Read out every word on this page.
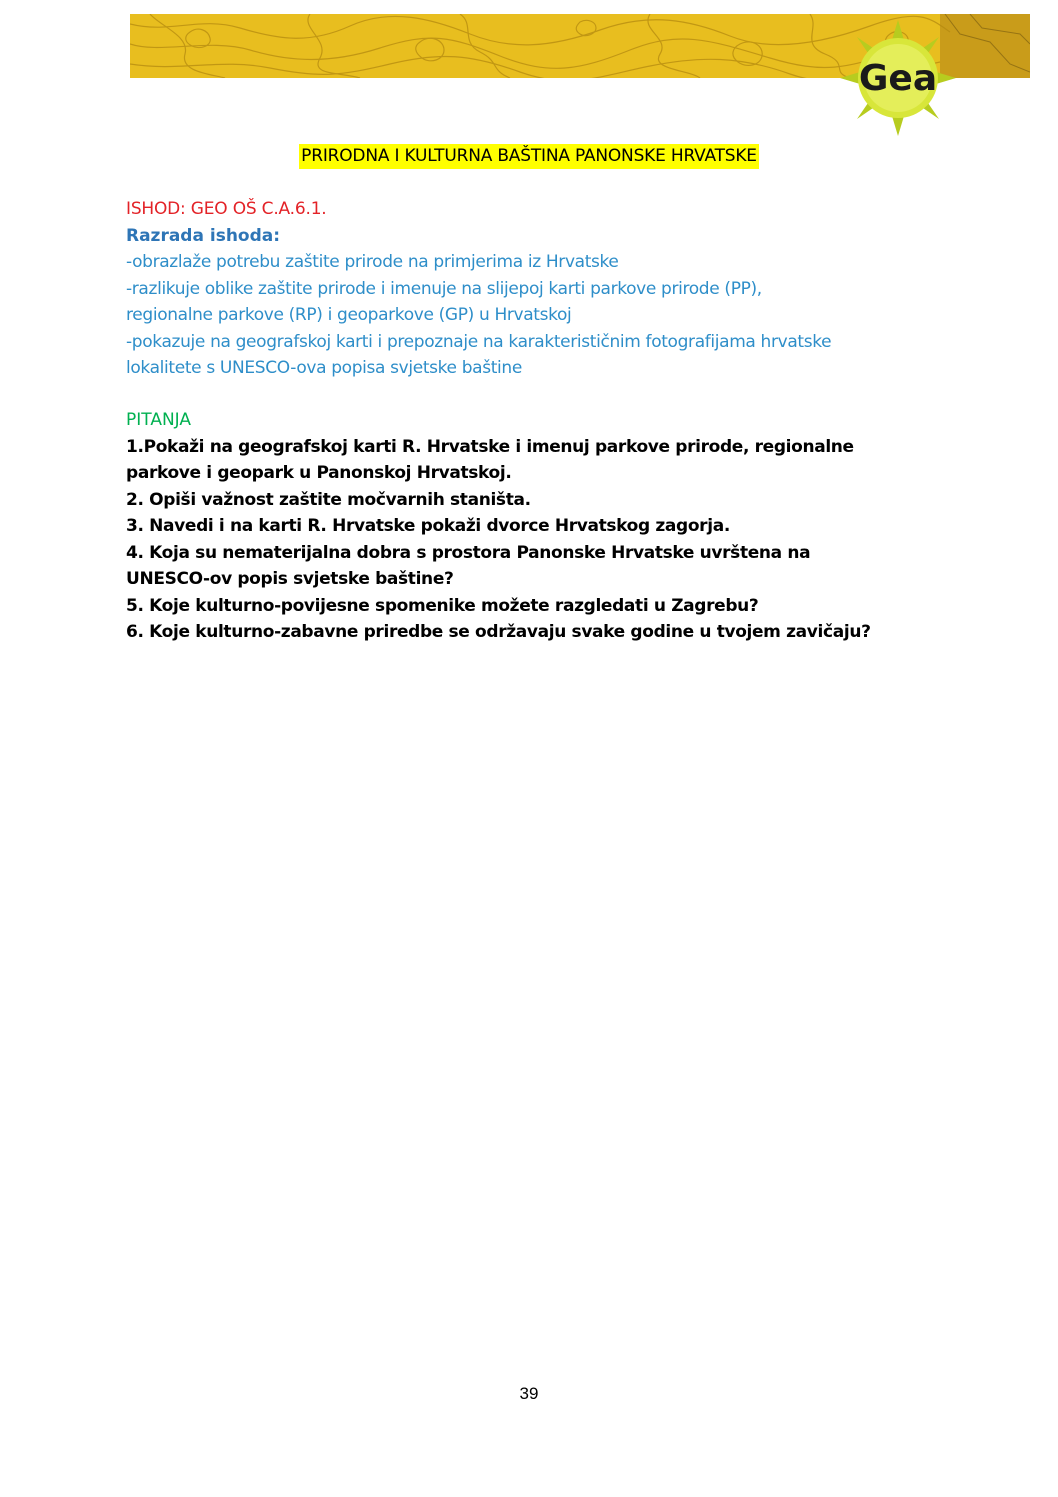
Gea
PRIRODNA I KULTURNA BAŠTINA PANONSKE HRVATSKE
ISHOD: GEO OŠ C.A.6.1.
Razrada ishoda:
-obrazlaže potrebu zaštite prirode na primjerima iz Hrvatske
-razlikuje oblike zaštite prirode i imenuje na slijepoj karti parkove prirode (PP),
regionalne parkove (RP) i geoparkove (GP) u Hrvatskoj
-pokazuje na geografskoj karti i prepoznaje na karakterističnim fotografijama hrvatske
lokalitete s UNESCO-ova popisa svjetske baštine
PITANJA
1.Pokaži na geografskoj karti R. Hrvatske i imenuj parkove prirode, regionalne
parkove i geopark u Panonskoj Hrvatskoj.
2. Opiši važnost zaštite močvarnih staništa.
3. Navedi i na karti R. Hrvatske pokaži dvorce Hrvatskog zagorja.
4. Koja su nematerijalna dobra s prostora Panonske Hrvatske uvrštena na
UNESCO-ov popis svjetske baštine?
5. Koje kulturno-povijesne spomenike možete razgledati u Zagrebu?
6. Koje kulturno-zabavne priredbe se održavaju svake godine u tvojem zavičaju?
39
